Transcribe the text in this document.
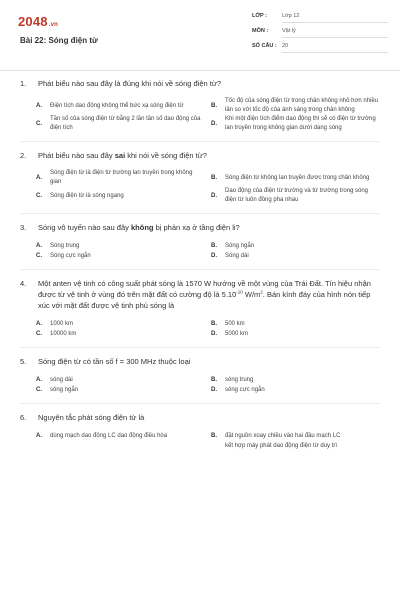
2048.vn
Bài 22: Sóng điện từ
LỚP :	Lớp 12
MÔN :	Vật lý
SỐ CÂU : 20
1.	Phát biểu nào sau đây là đúng khi nói về sóng điện từ?
A.	Điện tích dao động không thể bức xạ sóng điện từ	B.
Tốc độ của sóng điện từ trong chân không nhỏ hơn nhiều lần so với tốc độ của ánh sáng trong chân không
C.
Tần số của sóng điện từ bằng 2 lần tần số dao động của điện tích
D.
Khi một điện tích điểm dao động thì sẽ có điện từ trường lan truyền trong không gian dưới dạng sóng
2.	Phát biểu nào sau đây sai khi nói về sóng điện từ?
A.
Sóng điện từ là điện từ trường lan truyền trong không gian
B.	Sóng điện từ không lan truyền được trong chân không
C.	Sóng điện từ là sóng ngang	D.
Dao động của điện từ trường và từ trường trong sóng điện từ luôn đồng pha nhau
3.	Sóng vô tuyến nào sau đây không bị phản xạ ở tầng điện li?
A.	Sóng trung	B.	Sóng ngắn
C.	Sóng cực ngắn	D.	Sóng dài
4.	Một anten vệ tinh có công suất phát sóng là 1570 W hướng về một vùng của Trái Đất. Tín hiệu nhận được từ vệ tinh ở vùng đó trên mặt đất có cường độ là $5.10^{-10}$ $W/m^2$. Bán kính đáy của hình nón tiếp xúc với mặt đất được vệ tinh phủ sóng là
A.	1000 km	B.	500 km
C.	10000 km	D.	5000 km
5.	Sóng điện từ có tần số f = 300 MHz thuộc loại
A.	sóng dài	B.	sóng trung
C.	sóng ngắn	D.	sóng cực ngắn
6.	Nguyên tắc phát sóng điện từ là
A.	dùng mạch dao động LC dao động điều hòa	B.	đặt nguồn xoay chiều vào hai đầu mạch LC
kết hợp máy phát dao động điện từ duy trì
